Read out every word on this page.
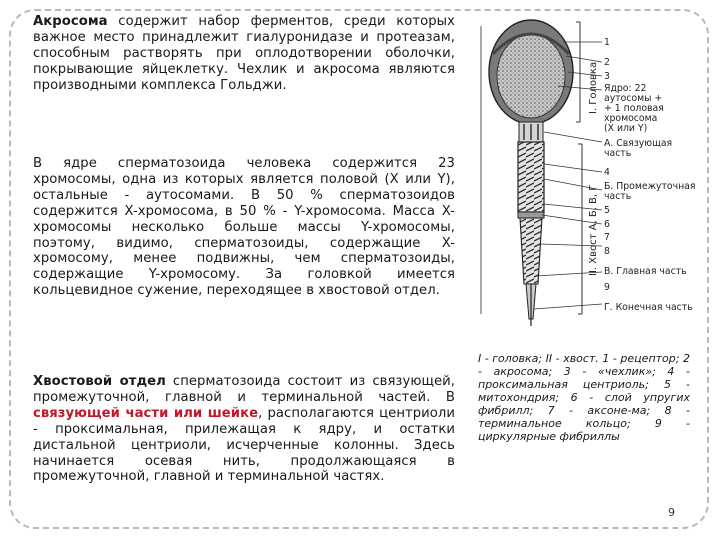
Акросома содержит набор ферментов, среди которых важное место принадлежит гиалуронидазе и протеазам, способным растворять при оплодотворении оболочки, покрывающие яйцеклетку. Чехлик и акросома являются производными комплекса Гольджи.

В ядре сперматозоида человека содержится 23 хромосомы, одна из которых является половой (X или Y), остальные - аутосомами. В 50 % сперматозоидов содержится X-хромосома, в 50 % - Y-хромосома. Масса X-хромосомы несколько больше массы Y-хромосомы, поэтому, видимо, сперматозоиды, содержащие X-хромосому, менее подвижны, чем сперматозоиды, содержащие Y-хромосому. За головкой имеется кольцевидное сужение, переходящее в хвостовой отдел.

Хвостовой отдел сперматозоида состоит из связующей, промежуточной, главной и терминальной частей. В связующей части или шейке, располагаются центриоли - проксимальная, прилежащая к ядру, и остатки дистальной центриоли, исчерченные колонны. Здесь начинается осевая нить, продолжающаяся в промежуточной, главной и терминальной частях.

I. Головка
II. Хвост А, Б, В, Г
1
2
3
Ядро: 22
аутосомы +
+ 1 половая
хромосома
(X или Y)
А. Связующая
часть
4
Б. Промежуточная
часть
5
6
7
8
В. Главная часть
9
Г. Конечная часть

I - головка; II - хвост. 1 - рецептор; 2 - акросома; 3 - «чехлик»; 4 - проксимальная центриоль; 5 - митохондрия; 6 - слой упругих фибрилл; 7 - аксоне-ма; 8 - терминальное кольцо; 9 - циркулярные фибриллы

9
